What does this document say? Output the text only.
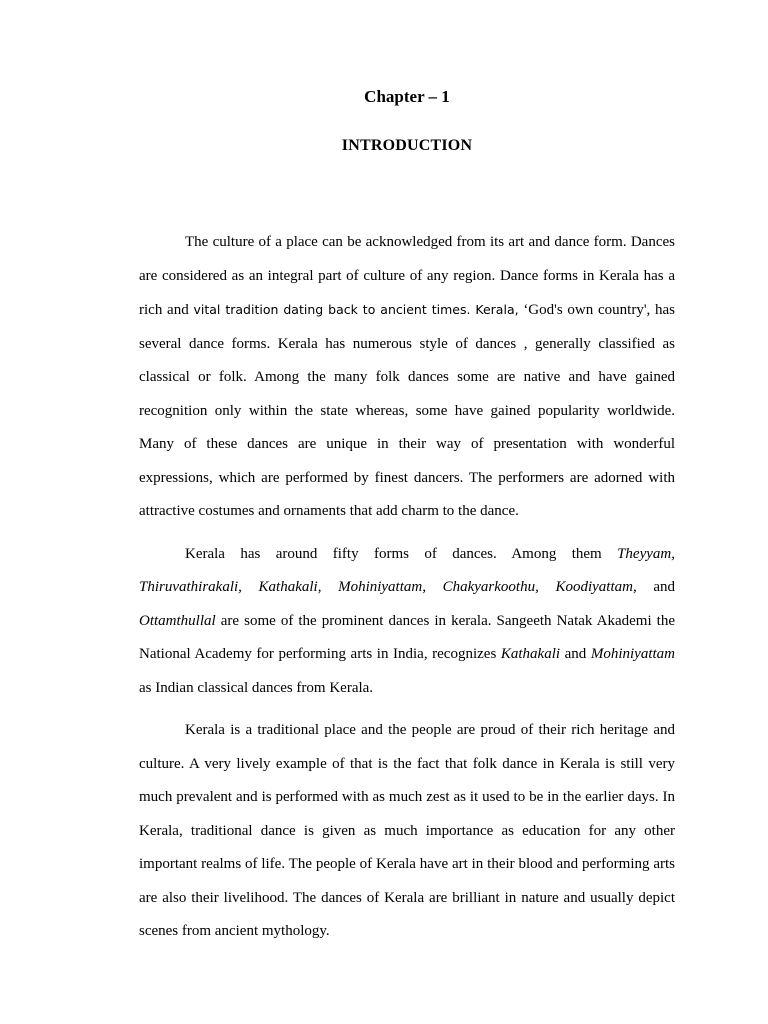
Chapter – 1
INTRODUCTION

The culture of a place can be acknowledged from its art and dance form. Dances are considered as an integral part of culture of any region. Dance forms in Kerala has a rich and vital tradition dating back to ancient times. Kerala, ‘God's own country', has several dance forms. Kerala has numerous style of dances , generally classified as classical or folk. Among the many folk dances some are native and have gained recognition only within the state whereas, some have gained popularity worldwide. Many of these dances are unique in their way of presentation with wonderful expressions, which are performed by finest dancers. The performers are adorned with attractive costumes and ornaments that add charm to the dance.

Kerala has around fifty forms of dances. Among them Theyyam, Thiruvathirakali, Kathakali, Mohiniyattam, Chakyarkoothu, Koodiyattam, and Ottamthullal are some of the prominent dances in kerala. Sangeeth Natak Akademi the National Academy for performing arts in India, recognizes Kathakali and Mohiniyattam as Indian classical dances from Kerala.

Kerala is a traditional place and the people are proud of their rich heritage and culture. A very lively example of that is the fact that folk dance in Kerala is still very much prevalent and is performed with as much zest as it used to be in the earlier days. In Kerala, traditional dance is given as much importance as education for any other important realms of life. The people of Kerala have art in their blood and performing arts are also their livelihood. The dances of Kerala are brilliant in nature and usually depict scenes from ancient mythology.
